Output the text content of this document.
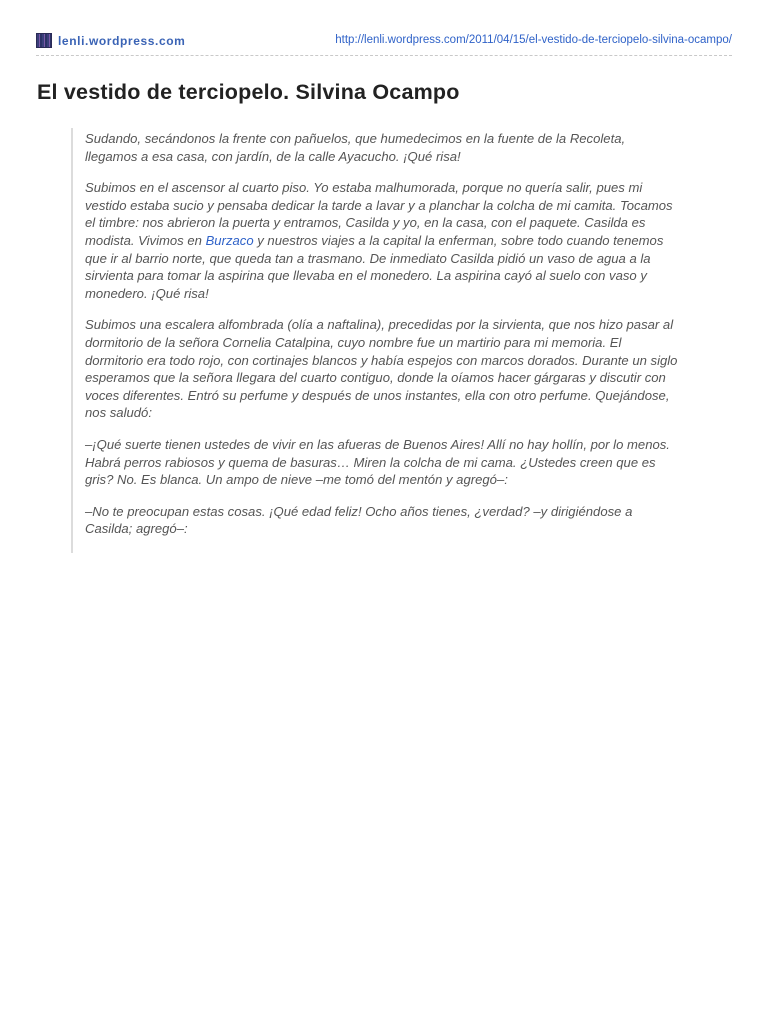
lenli.wordpress.com	http://lenli.wordpress.com/2011/04/15/el-vestido-de-terciopelo-silvina-ocampo/
El vestido de terciopelo. Silvina Ocampo

Sudando, secándonos la frente con pañuelos, que humedecimos en la fuente de la Recoleta, llegamos a esa casa, con jardín, de la calle Ayacucho. ¡Qué risa!

Subimos en el ascensor al cuarto piso. Yo estaba malhumorada, porque no quería salir, pues mi vestido estaba sucio y pensaba dedicar la tarde a lavar y a planchar la colcha de mi camita. Tocamos el timbre: nos abrieron la puerta y entramos, Casilda y yo, en la casa, con el paquete. Casilda es modista. Vivimos en Burzaco y nuestros viajes a la capital la enferman, sobre todo cuando tenemos que ir al barrio norte, que queda tan a trasmano. De inmediato Casilda pidió un vaso de agua a la sirvienta para tomar la aspirina que llevaba en el monedero. La aspirina cayó al suelo con vaso y monedero. ¡Qué risa!

Subimos una escalera alfombrada (olía a naftalina), precedidas por la sirvienta, que nos hizo pasar al dormitorio de la señora Cornelia Catalpina, cuyo nombre fue un martirio para mi memoria. El dormitorio era todo rojo, con cortinajes blancos y había espejos con marcos dorados. Durante un siglo esperamos que la señora llegara del cuarto contiguo, donde la oíamos hacer gárgaras y discutir con voces diferentes. Entró su perfume y después de unos instantes, ella con otro perfume. Quejándose, nos saludó:

–¡Qué suerte tienen ustedes de vivir en las afueras de Buenos Aires! Allí no hay hollín, por lo menos. Habrá perros rabiosos y quema de basuras… Miren la colcha de mi cama. ¿Ustedes creen que es gris? No. Es blanca. Un ampo de nieve –me tomó del mentón y agregó–:

–No te preocupan estas cosas. ¡Qué edad feliz! Ocho años tienes, ¿verdad? –y dirigiéndose a Casilda; agregó–:
